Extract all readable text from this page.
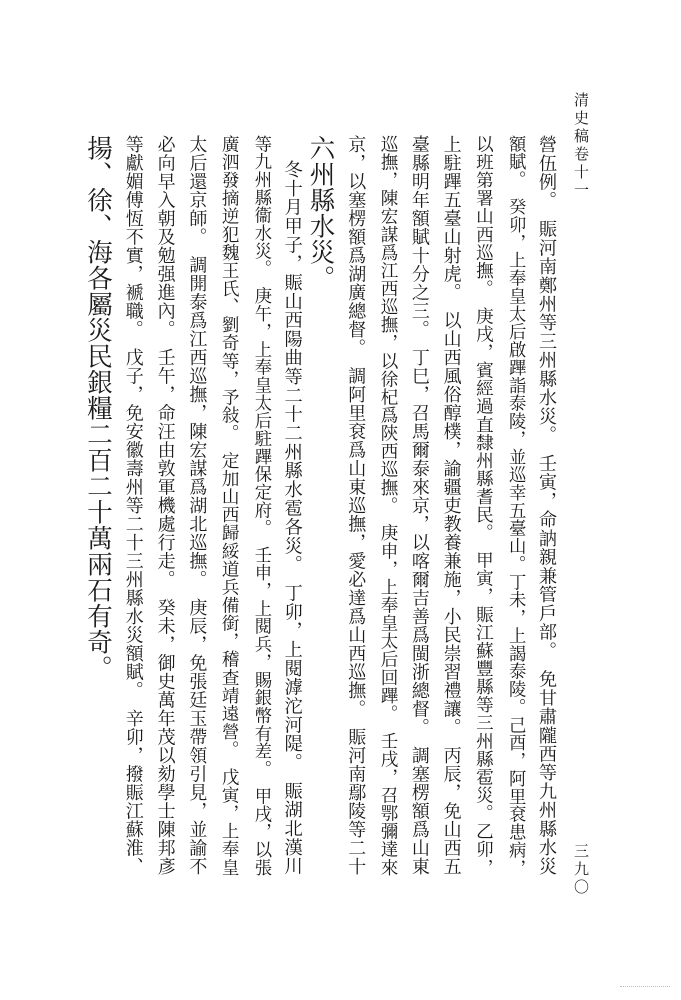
清史稿卷十一
三九〇
營伍例。　賑河南鄭州等三州縣水災。　壬寅，命訥親兼管戶部。　免甘肅隴西等九州縣水災
額賦。　癸卯，上奉皇太后啟蹕詣泰陵，並巡幸五臺山。丁未，上謁泰陵。己酉，阿里袞患病，
以班第署山西巡撫。　庚戌，賓經過直隸州縣耆民。　甲寅，賑江蘇豐縣等三州縣雹災。乙卯，
上駐蹕五臺山射虎。　以山西風俗醇樸，諭疆吏教養兼施，小民崇習禮讓。　丙辰，免山西五
臺縣明年額賦十分之三。　丁巳，召馬爾泰來京，以喀爾吉善爲閩浙總督。　調塞楞額爲山東
巡撫，陳宏謀爲江西巡撫，以徐杞爲陝西巡撫。　庚申，上奉皇太后回蹕。　壬戌，召鄂彌達來
京，以塞楞額爲湖廣總督。　調阿里袞爲山東巡撫，愛必達爲山西巡撫。　賑河南鄢陵等二十
六州縣水災。
冬十月甲子，賑山西陽曲等二十二州縣水雹各災。　丁卯，上閱滹沱河隄。　賑湖北漢川
等九州縣衞水災。　庚午，上奉皇太后駐蹕保定府。　壬申，上閱兵，賜銀幣有差。　甲戌，以張
廣泗發摘逆犯魏王氏、劉奇等，予敍。　定加山西歸綏道兵備銜，稽查靖遠營。　戊寅，上奉皇
太后還京師。　調開泰爲江西巡撫，陳宏謀爲湖北巡撫。　庚辰，免張廷玉帶領引見，並諭不
必向早入朝及勉强進內。　壬午，命汪由敦軍機處行走。　癸未，御史萬年茂以劾學士陳邦彥
等獻媚傅恆不實，褫職。　戊子，免安徽壽州等二十三州縣水災額賦。　辛卯，撥賑江蘇淮、
揚、徐、海各屬災民銀糧二百二十萬兩石有奇。
